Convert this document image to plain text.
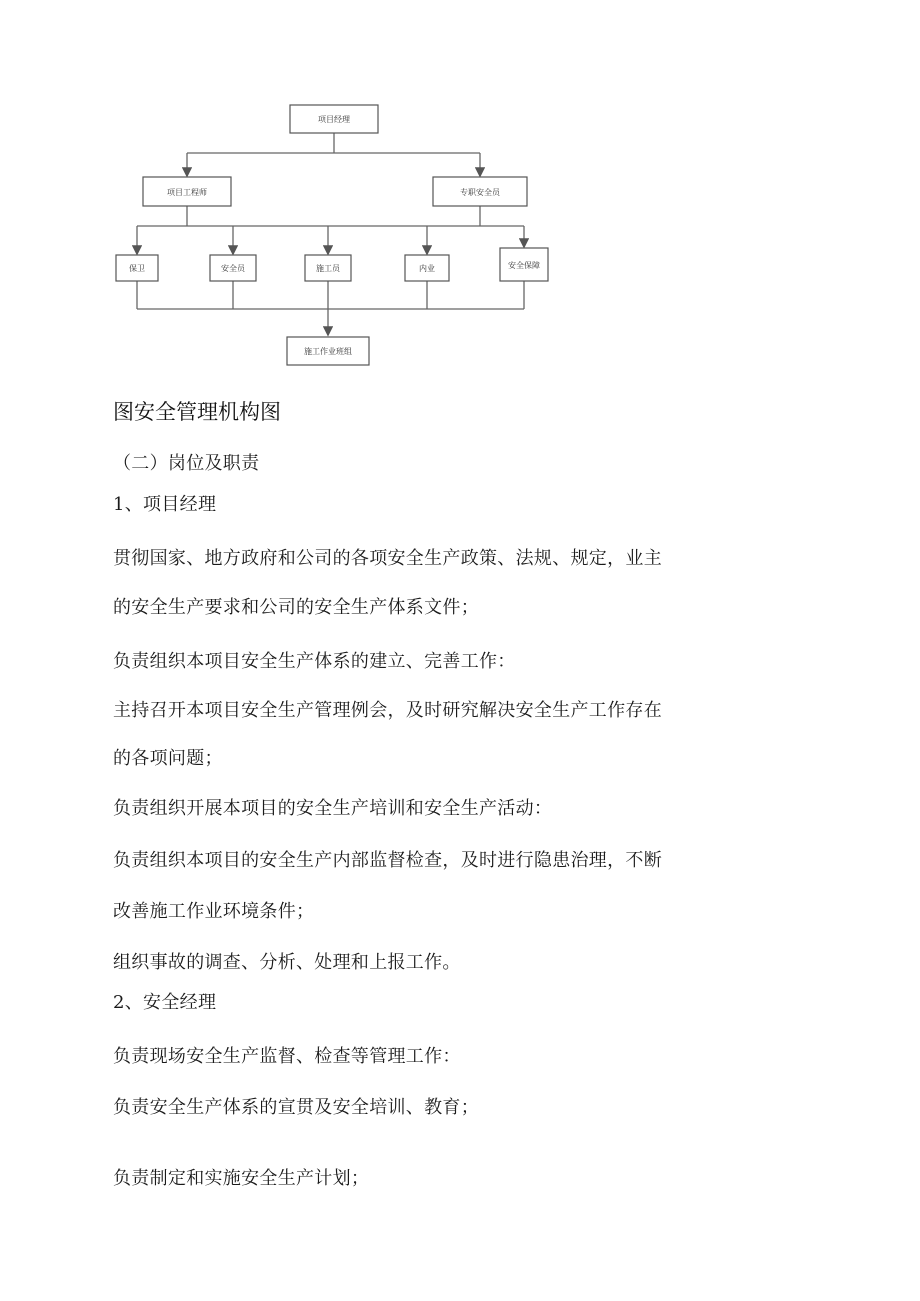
项目经理
项目工程师	专职安全员
保卫	安全员	施工员	内业	安全保障
施工作业班组
图安全管理机构图
（二）岗位及职责
1、项目经理
贯彻国家、地方政府和公司的各项安全生产政策、法规、规定，业主
的安全生产要求和公司的安全生产体系文件；
负责组织本项目安全生产体系的建立、完善工作：
主持召开本项目安全生产管理例会，及时研究解决安全生产工作存在
的各项问题；
负责组织开展本项目的安全生产培训和安全生产活动：
负责组织本项目的安全生产内部监督检查，及时进行隐患治理，不断
改善施工作业环境条件；
组织事故的调查、分析、处理和上报工作。
2、安全经理
负责现场安全生产监督、检查等管理工作：
负责安全生产体系的宣贯及安全培训、教育；
负责制定和实施安全生产计划；
